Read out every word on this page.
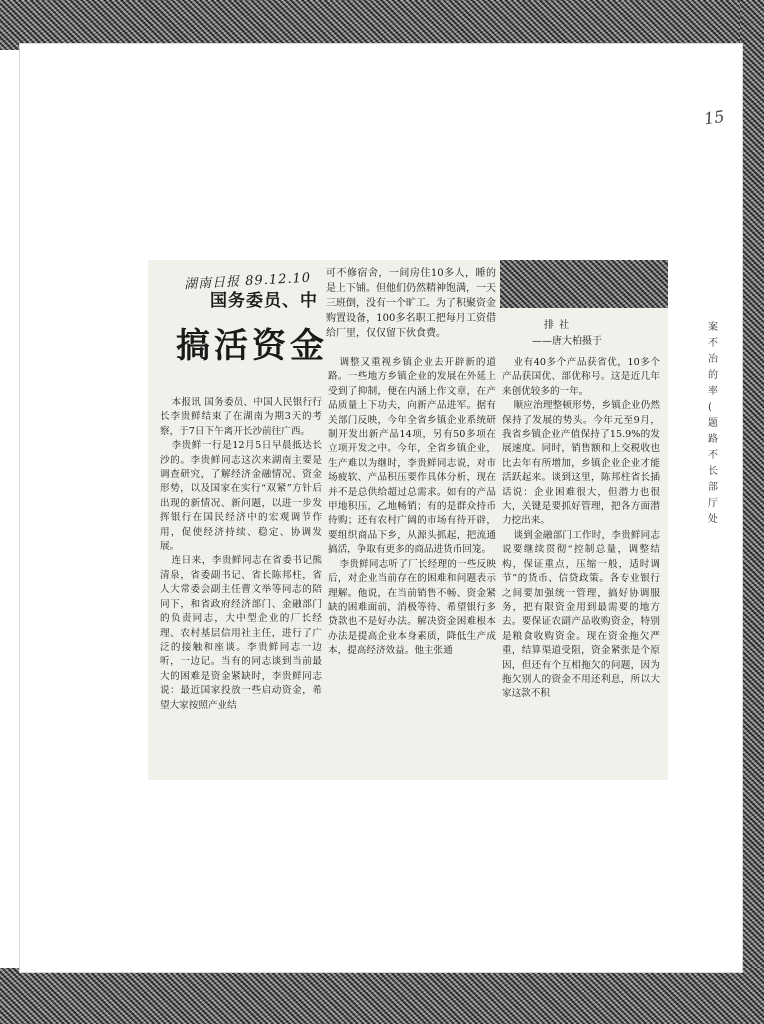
15
湖南日报 89.12.10
国务委员、中
搞活资金

可不修宿舍，一间房住10多人，睡的是上下铺。但他们仍然精神饱满，一天三班倒，没有一个旷工。为了积聚资金购置设备，100多名职工把每月工资借给厂里，仅仅留下伙食费。

排 社
——唐大柏摄于

本报讯 国务委员、中国人民银行行长李贵鲜结束了在湖南为期3天的考察，于7日下午离开长沙前往广西。

李贵鲜一行是12月5日早晨抵达长沙的。李贵鲜同志这次来湖南主要是调查研究，了解经济金融情况、资金形势，以及国家在实行“双紧”方针后出现的新情况、新问题，以进一步发挥银行在国民经济中的宏观调节作用，促使经济持续、稳定、协调发展。

连日来，李贵鲜同志在省委书记熊清泉，省委副书记、省长陈邦柱，省人大常委会副主任曹文举等同志的陪同下，和省政府经济部门、金融部门的负责同志，大中型企业的厂长经理、农村基层信用社主任，进行了广泛的接触和座谈。李贵鲜同志一边听，一边记。当有的同志谈到当前最大的困难是资金紧缺时，李贵鲜同志说：最近国家投放一些启动资金，希望大家按照产业结

调整又重视乡镇企业去开辟新的道路。一些地方乡镇企业的发展在外延上受到了抑制，便在内涵上作文章，在产品质量上下功夫，向新产品进军。据有关部门反映，今年全省乡镇企业系统研制开发出新产品14项，另有50多项在立项开发之中。今年，全省乡镇企业，生产难以为继时，李贵鲜同志说，对市场疲软、产品积压要作具体分析，现在并不是总供给超过总需求。如有的产品甲地积压，乙地畅销；有的是群众持币待购；还有农村广阔的市场有待开辟，要组织商品下乡，从源头抓起，把流通搞活，争取有更多的商品进货币回笼。

李贵鲜同志听了厂长经理的一些反映后，对企业当前存在的困难和问题表示理解。他说，在当前销售不畅、资金紧缺的困难面前，消极等待、希望银行多贷款也不是好办法。解决资金困难根本办法是提高企业本身素质，降低生产成本，提高经济效益。他主张通

业有40多个产品获省优，10多个产品获国优、部优称号。这是近几年来创优较多的一年。

顺应治理整顿形势，乡镇企业仍然保持了发展的势头。今年元至9月，我省乡镇企业产值保持了15.9%的发展速度。同时，销售额和上交税收也比去年有所增加，乡镇企业企业才能活跃起来。谈到这里，陈邦柱省长插话说：企业困难很大，但潜力也很大，关键是要抓好管理，把各方面潜力挖出来。

谈到金融部门工作时，李贵鲜同志说要继续贯彻“控制总量，调整结构，保证重点，压缩一般，适时调节”的货币、信贷政策。各专业银行之间要加强统一管理，搞好协调服务，把有限资金用到最需要的地方去。要保证农副产品收购资金，特别是粮食收购资金。现在资金拖欠严重，结算渠道受阻，资金紧张是个原因，但还有个互相拖欠的问题，因为拖欠别人的资金不用还利息，所以大家这款不积

案
不
冶
的
率
(
题
路
不
长
部
厅
处
